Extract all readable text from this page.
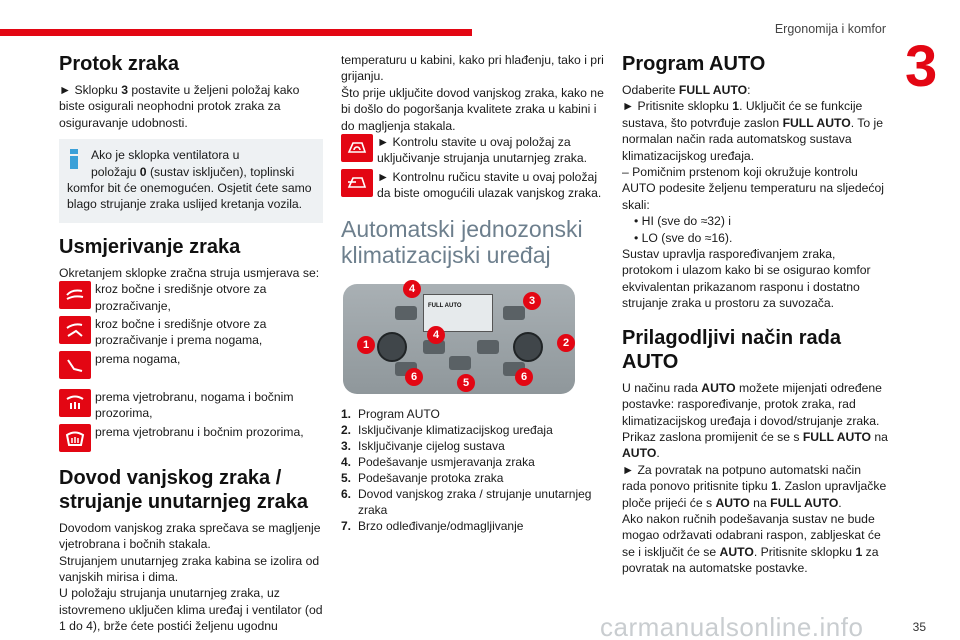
Ergonomija i komfor
3
Protok zraka

► Sklopku 3 postavite u željeni položaj kako biste osigurali neophodni protok zraka za osiguravanje udobnosti.

Ako je sklopka ventilatora u

položaju 0 (sustav isključen), toplinski komfor bit će onemogućen. Osjetit ćete samo blago strujanje zraka uslijed kretanja vozila.

Usmjerivanje zraka

Okretanjem sklopke zračna struja usmjerava se:

kroz bočne i središnje otvore za prozračivanje,
kroz bočne i središnje otvore za prozračivanje i prema nogama,
prema nogama,
prema vjetrobranu, nogama i bočnim prozorima,
prema vjetrobranu i bočnim prozorima,
Dovod vanjskog zraka / strujanje unutarnjeg zraka

Dovodom vanjskog zraka sprečava se magljenje vjetrobrana i bočnih stakala.
Strujanjem unutarnjeg zraka kabina se izolira od vanjskih mirisa i dima.
U položaju strujanja unutarnjeg zraka, uz istovremeno uključen klima uređaj i ventilator (od 1 do 4), brže ćete postići željenu ugodnu

temperaturu u kabini, kako pri hlađenju, tako i pri grijanju.
Što prije uključite dovod vanjskog zraka, kako ne bi došlo do pogoršanja kvalitete zraka u kabini i do magljenja stakala.

► Kontrolu stavite u ovaj položaj za uključivanje strujanja unutarnjeg zraka.
► Kontrolnu ručicu stavite u ovaj položaj da biste omogućili ulazak vanjskog zraka.
Automatski jednozonski klimatizacijski uređaj
FULL AUTO
4
3
1
4
2
6	5	6
1. Program AUTO
2. Isključivanje klimatizacijskog uređaja
3. Isključivanje cijelog sustava
4. Podešavanje usmjeravanja zraka
5. Podešavanje protoka zraka
6. Dovod vanjskog zraka / strujanje unutarnjeg zraka
7. Brzo odleđivanje/odmagljivanje
Program AUTO

Odaberite FULL AUTO:

► Pritisnite sklopku 1. Uključit će se funkcije sustava, što potvrđuje zaslon FULL AUTO. To je normalan način rada automatskog sustava klimatizacijskog uređaja.

– Pomičnim prstenom koji okružuje kontrolu AUTO podesite željenu temperaturu na sljedećoj skali:

• HI (sve do ≈32) i

• LO (sve do ≈16).

Sustav upravlja raspoređivanjem zraka, protokom i ulazom kako bi se osigurao komfor ekvivalentan prikazanom rasponu i dostatno strujanje zraka u prostoru za suvozača.

Prilagodljivi način rada AUTO

U načinu rada AUTO možete mijenjati određene postavke: raspoređivanje, protok zraka, rad klimatizacijskog uređaja i dovod/strujanje zraka. Prikaz zaslona promijenit će se s FULL AUTO na AUTO.

► Za povratak na potpuno automatski način rada ponovo pritisnite tipku 1. Zaslon upravljačke ploče prijeći će s AUTO na FULL AUTO.

Ako nakon ručnih podešavanja sustav ne bude mogao održavati odabrani raspon, zabljeskat će se i isključit će se AUTO. Pritisnite sklopku 1 za povratak na automatske postavke.

carmanualsonline.info	35
